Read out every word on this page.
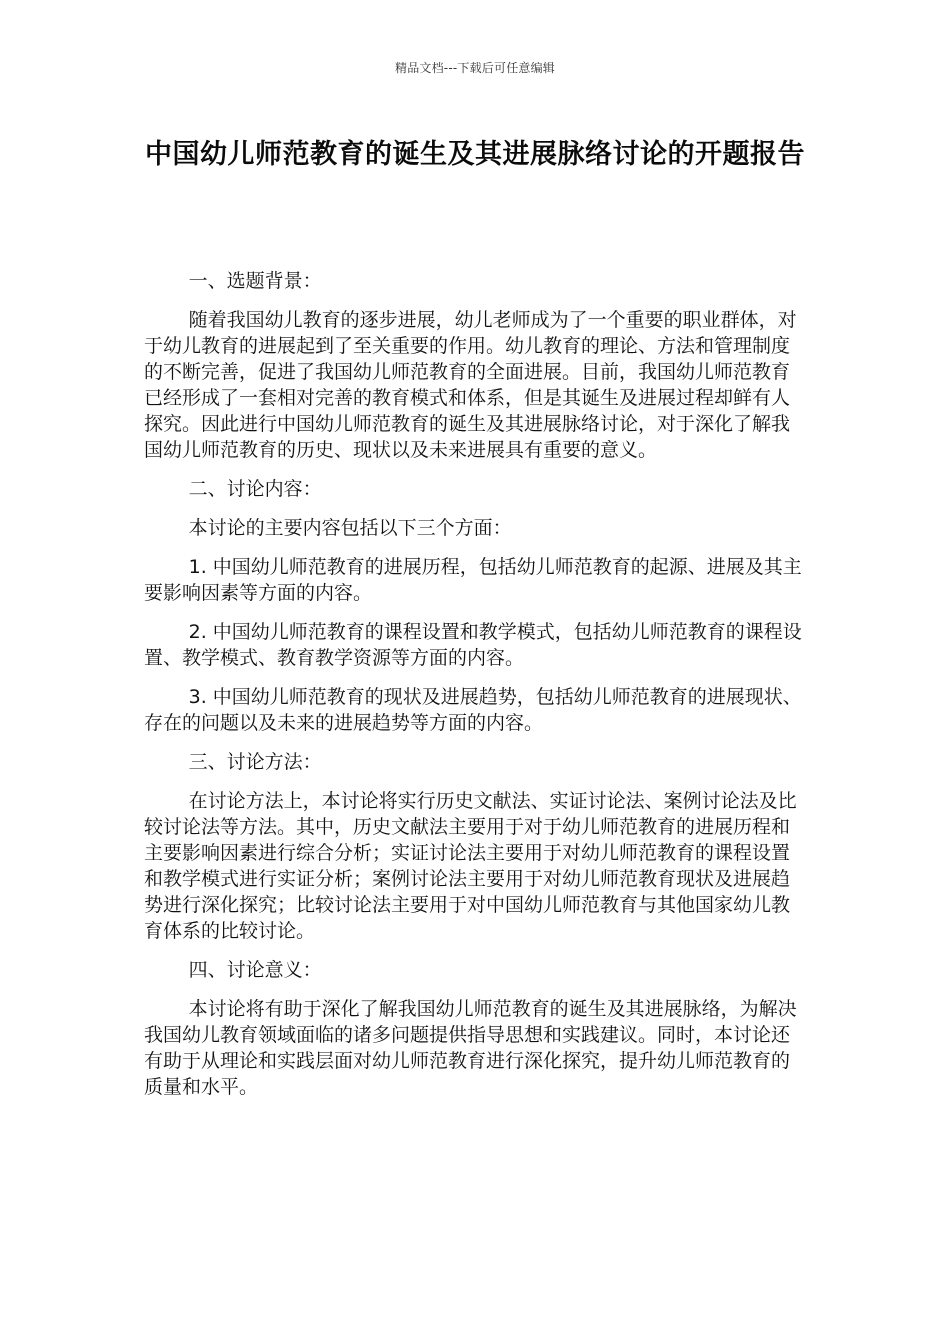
精品文档---下载后可任意编辑
中国幼儿师范教育的诞生及其进展脉络讨论的开题报告

一、选题背景：

随着我国幼儿教育的逐步进展，幼儿老师成为了一个重要的职业群体，对于幼儿教育的进展起到了至关重要的作用。幼儿教育的理论、方法和管理制度的不断完善，促进了我国幼儿师范教育的全面进展。目前，我国幼儿师范教育已经形成了一套相对完善的教育模式和体系，但是其诞生及进展过程却鲜有人探究。因此进行中国幼儿师范教育的诞生及其进展脉络讨论，对于深化了解我国幼儿师范教育的历史、现状以及未来进展具有重要的意义。

二、讨论内容：

本讨论的主要内容包括以下三个方面：

1. 中国幼儿师范教育的进展历程，包括幼儿师范教育的起源、进展及其主要影响因素等方面的内容。

2. 中国幼儿师范教育的课程设置和教学模式，包括幼儿师范教育的课程设置、教学模式、教育教学资源等方面的内容。

3. 中国幼儿师范教育的现状及进展趋势，包括幼儿师范教育的进展现状、存在的问题以及未来的进展趋势等方面的内容。

三、讨论方法：

在讨论方法上，本讨论将实行历史文献法、实证讨论法、案例讨论法及比较讨论法等方法。其中，历史文献法主要用于对于幼儿师范教育的进展历程和主要影响因素进行综合分析；实证讨论法主要用于对幼儿师范教育的课程设置和教学模式进行实证分析；案例讨论法主要用于对幼儿师范教育现状及进展趋势进行深化探究；比较讨论法主要用于对中国幼儿师范教育与其他国家幼儿教育体系的比较讨论。

四、讨论意义：

本讨论将有助于深化了解我国幼儿师范教育的诞生及其进展脉络，为解决我国幼儿教育领域面临的诸多问题提供指导思想和实践建议。同时，本讨论还有助于从理论和实践层面对幼儿师范教育进行深化探究，提升幼儿师范教育的质量和水平。
